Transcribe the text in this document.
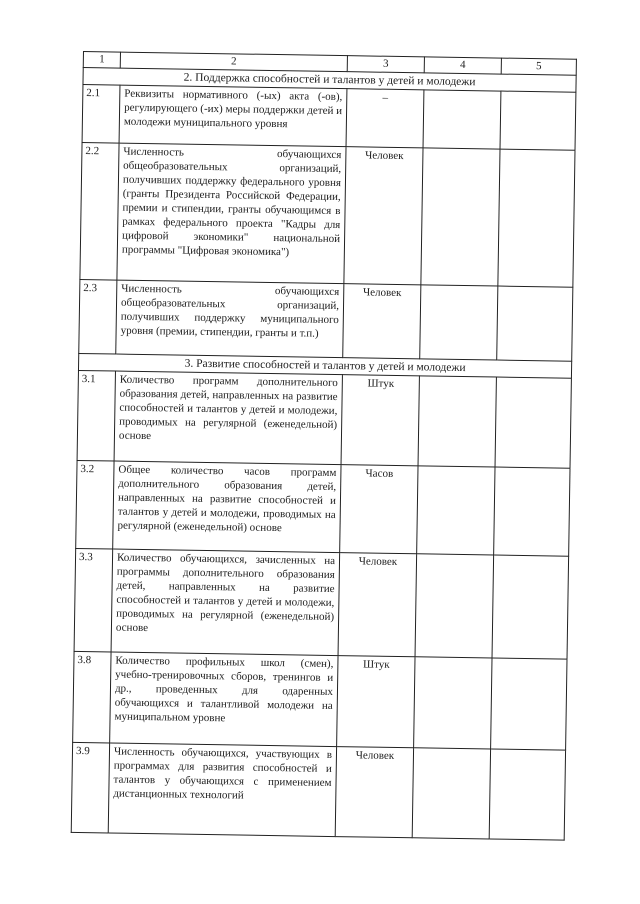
1	2	3	4	5
2. Поддержка способностей и талантов у детей и молодежи				
2.1	Реквизиты нормативного (-ых) акта (-ов), регулирующего (-их) меры поддержки детей и молодежи муниципального уровня	–		
2.2	Численность обучающихся общеобразовательных организаций, получивших поддержку федерального уровня (гранты Президента Российской Федерации, премии и стипендии, гранты обучающимся в рамках федерального проекта "Кадры для цифровой экономики" национальной программы "Цифровая экономика")	Человек		
2.3	Численность обучающихся общеобразовательных организаций, получивших поддержку муниципального уровня (премии, стипендии, гранты и т.п.)	Человек		
3. Развитие способностей и талантов у детей и молодежи				
3.1	Количество программ дополнительного образования детей, направленных на развитие способностей и талантов у детей и молодежи, проводимых на регулярной (еженедельной) основе	Штук		
3.2	Общее количество часов программ дополнительного образования детей, направленных на развитие способностей и талантов у детей и молодежи, проводимых на регулярной (еженедельной) основе	Часов		
3.3	Количество обучающихся, зачисленных на программы дополнительного образования детей, направленных на развитие способностей и талантов у детей и молодежи, проводимых на регулярной (еженедельной) основе	Человек		
3.8	Количество профильных школ (смен), учебно-тренировочных сборов, тренингов и др., проведенных для одаренных обучающихся и талантливой молодежи на муниципальном уровне	Штук		
3.9	Численность обучающихся, участвующих в программах для развития способностей и талантов у обучающихся с применением дистанционных технологий	Человек		
